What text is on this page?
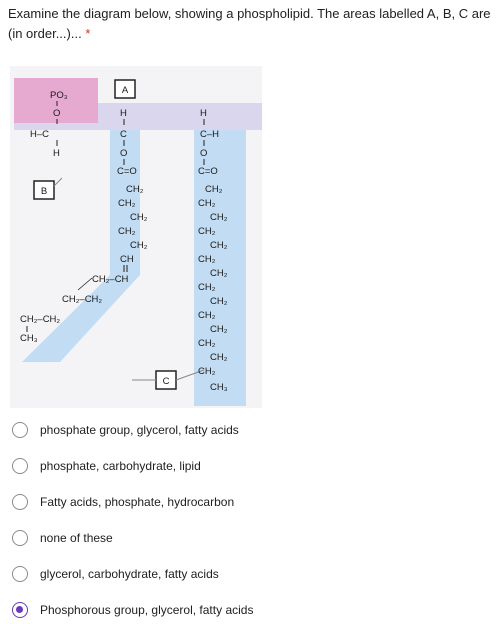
Examine the diagram below, showing a phospholipid. The areas labelled A, B, C are (in order...)... *
A
B
C
PO₃
O
H–C
H
H
C
O
C=O
H
C–H
O
C=O
CH₂
CH₂
CH₂
CH₂
CH₂
CH
CH₂–CH
CH₂–CH₂
CH₂–CH₂
CH₃
CH₂
CH₂
CH₂
CH₂
CH₂
CH₂
CH₂
CH₂
CH₂
CH₂
CH₂
CH₂
CH₂
CH₂
CH₃
phosphate group, glycerol, fatty acids
phosphate, carbohydrate, lipid
Fatty acids, phosphate, hydrocarbon
none of these
glycerol, carbohydrate, fatty acids
Phosphorous group, glycerol, fatty acids
